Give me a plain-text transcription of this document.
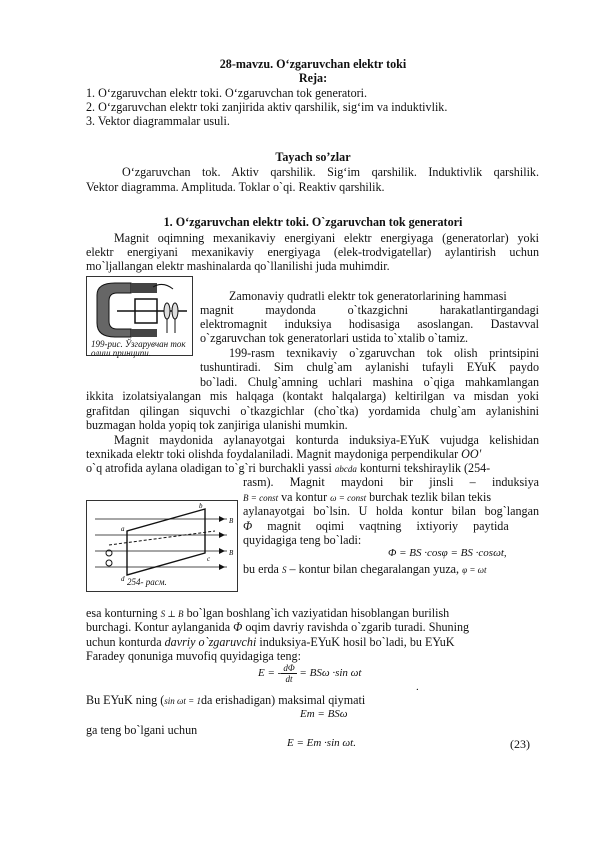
28-mavzu. O‘zgaruvchan elektr toki
Reja:
1. O‘zgaruvchan elektr toki. O‘zgaruvchan tok generatori.
2. O‘zgaruvchan elektr toki zanjirida aktiv qarshilik, sig‘im va induktivlik.
3. Vektor diagrammalar usuli.
Tayach so’zlar
O‘zgaruvchan tok. Aktiv qarshilik. Sig‘im qarshilik. Induktivlik qarshilik.
Vektor diagramma. Amplituda. Toklar o`qi. Reaktiv qarshilik.
1. O‘zgaruvchan elektr toki. O`zgaruvchan tok generatori
Magnit oqimning mexanikaviy energiyani elektr energiyaga (generatorlar) yoki
elektr energiyani mexanikaviy energiyaga (elek-trodvigatellar) aylantirish uchun
mo`ljallangan elektr mashinalarda qo`llanilishi juda muhimdir.
199-рис. Ўзгарувчан ток олиш принципи.
Zamonaviy qudratli elektr tok generatorlarining hammasi
magnit maydonda o`tkazgichni harakatlantirgandagi
elektromagnit induksiya hodisasiga asoslangan. Dastavval
o`zgaruvchan tok generatorlari ustida to`xtalib o`tamiz.
199-rasm texnikaviy o`zgaruvchan tok olish printsipini
tushuntiradi. Sim chulg`am aylanishi tufayli EYuK paydo
bo`ladi. Chulg`amning uchlari mashina o`qiga mahkamlangan
ikkita izolatsiyalangan mis halqaga (kontakt halqalarga) keltirilgan va misdan yoki
grafitdan qilingan siquvchi o`tkazgichlar (cho`tka) yordamida chulg`am aylanishini
buzmagan holda yopiq tok zanjiriga ulanishi mumkin.
Magnit maydonida aylanayotgai konturda induksiya-EYuK vujudga kelishidan
texnikada elektr toki olishda foydalaniladi. Magnit maydoniga perpendikular OO'
o`q atrofida aylana oladigan to`g`ri burchakli yassi abcda konturni tekshiraylik (254-
b
a
c
d
B
B
254- расм.
rasm). Magnit maydoni bir jinsli – induksiya
B = const va kontur ω = const burchak tezlik bilan tekis
aylanayotgai bo`lsin. U holda kontur bilan bog`langan
Φ magnit oqimi vaqtning ixtiyoriy paytida
quyidagiga teng bo`ladi:
Φ = BS ·cosφ = BS ·cosωt,
bu erda S – kontur bilan chegaralangan yuza, φ = ωt
esa konturning S ⊥ B bo`lgan boshlang`ich vaziyatidan hisoblangan burilish
burchagi. Kontur aylanganida Φ oqim davriy ravishda o`zgarib turadi. Shuning
uchun konturda davriy o`zgaruvchi induksiya-EYuK hosil bo`ladi, bu EYuK
Faradey qonuniga muvofiq quyidagiga teng:
E = - $\frac{d\Phi}{dt} = BS\omega \cdot\sin$ ωt
.
Bu EYuK ning (sin ωt = 1da erishadigan) maksimal qiymati
Em = BSω
ga teng bo`lgani uchun
E = Em ·sin ωt.	(23)
